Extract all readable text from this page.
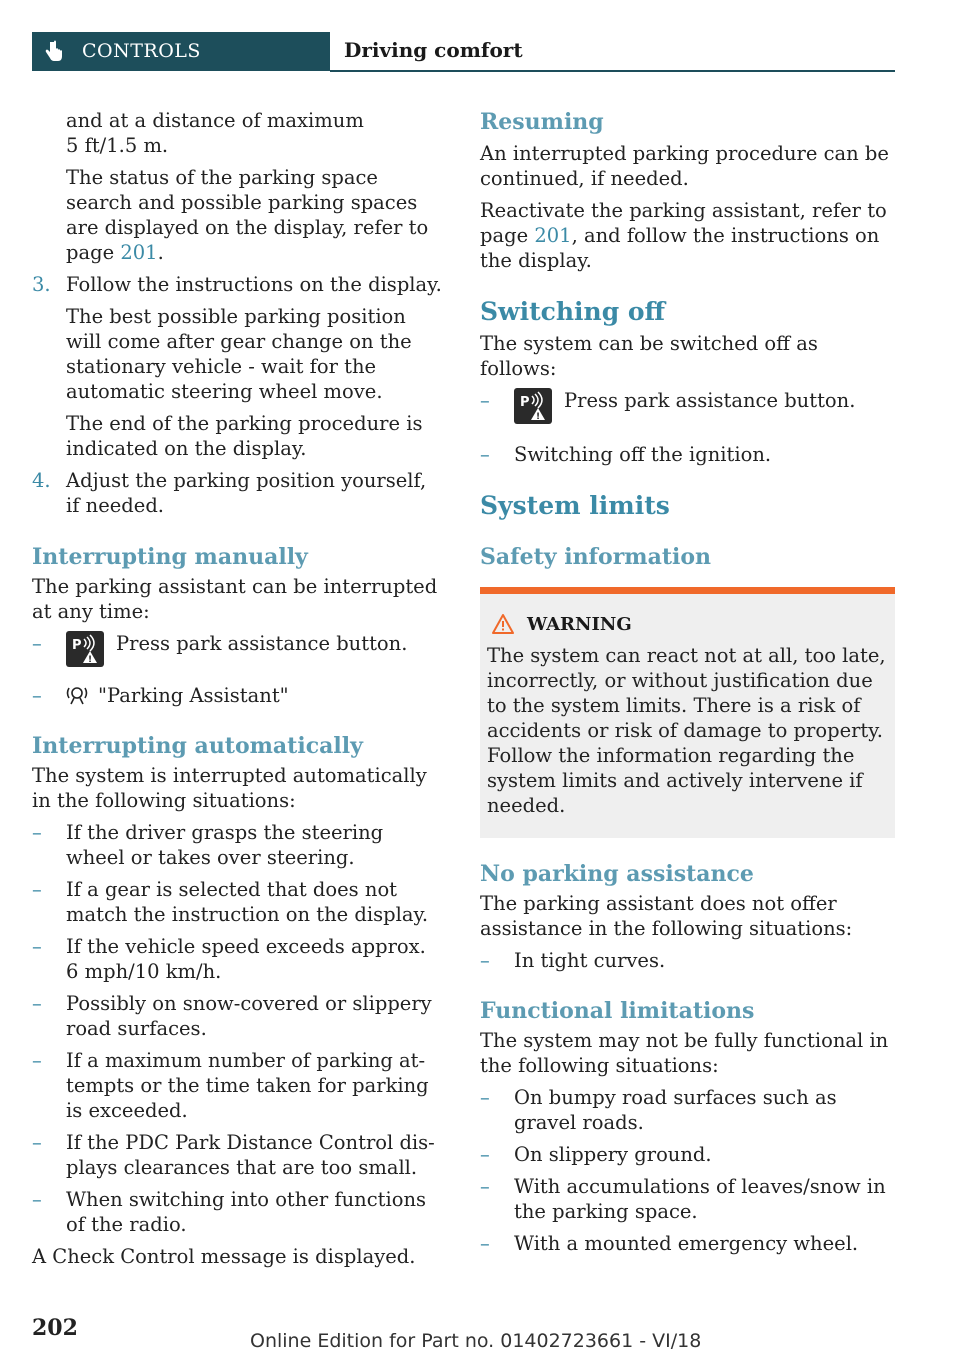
CONTROLS	Driving comfort

and at a distance of maximum

5 ft/1.5 m.

The status of the parking space search and possible parking spaces are displayed on the display, refer to page 201.

3. Follow the instructions on the display.

The best possible parking position will come after gear change on the stationary vehicle - wait for the automatic steering wheel move.

The end of the parking procedure is indicated on the display.

4. Adjust the parking position yourself, if needed.

Interrupting manually

The parking assistant can be interrupted at any time:

– P
!
Press park assistance button.
–	"Parking Assistant"
Interrupting automatically

The system is interrupted automatically in the following situations:

– If the driver grasps the steering wheel or takes over steering.

– If a gear is selected that does not match the instruction on the display.

– If the vehicle speed exceeds approx. 6 mph/10 km/h.

– Possibly on snow-covered or slippery road surfaces.

– If a maximum number of parking attempts or the time taken for parking is exceeded.

– If the PDC Park Distance Control displays clearances that are too small.

– When switching into other functions of the radio.

A Check Control message is displayed.

Resuming

An interrupted parking procedure can be continued, if needed.

Reactivate the parking assistant, refer to page 201, and follow the instructions on the display.

Switching off

The system can be switched off as follows:

– P
!
Press park assistance button.
– Switching off the ignition.

System limits
Safety information
WARNING

The system can react not at all, too late, incorrectly, or without justification due to the system limits. There is a risk of accidents or risk of damage to property. Follow the information regarding the system limits and actively intervene if needed.

No parking assistance

The parking assistant does not offer assistance in the following situations:

– In tight curves.

Functional limitations

The system may not be fully functional in the following situations:

– On bumpy road surfaces such as gravel roads.

– On slippery ground.

– With accumulations of leaves/snow in the parking space.

– With a mounted emergency wheel.

202	Online Edition for Part no. 01402723661 - VI/18
